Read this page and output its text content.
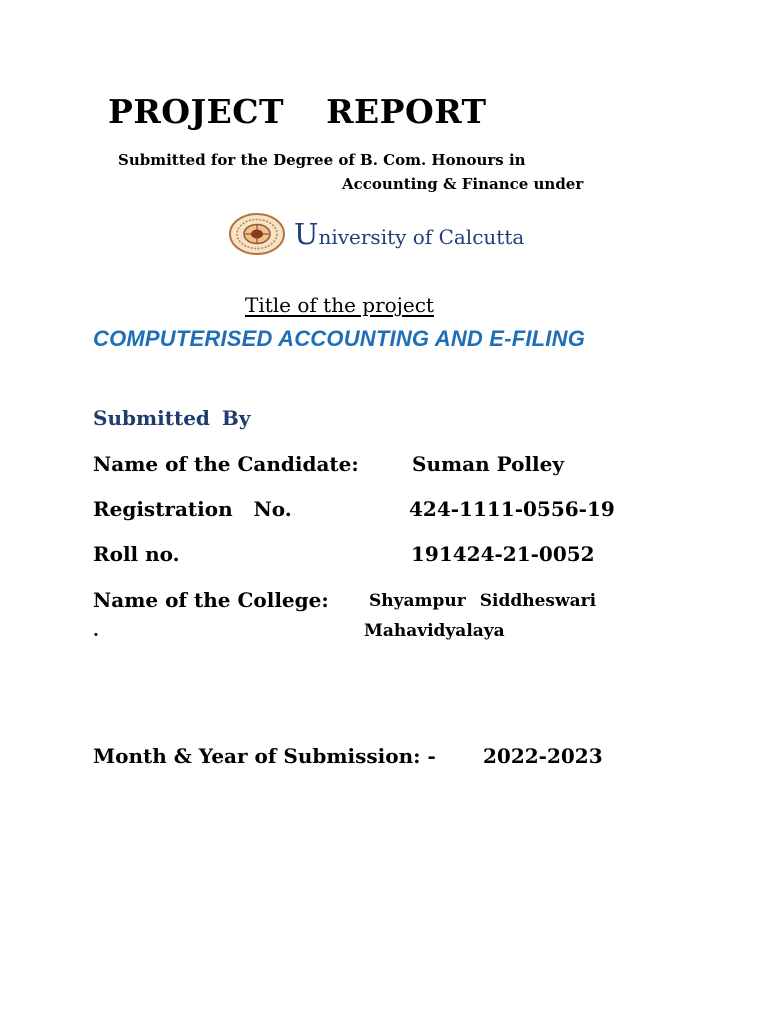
PROJECT REPORT
Submitted for the Degree of B. Com. Honours in
Accounting & Finance under
University of Calcutta
Title of the project
COMPUTERISED ACCOUNTING AND E-FILING
Submitted By
Name of the Candidate:	Suman Polley
Registration   No.	424-1111-0556-19
Roll no.	191424-21-0052
Name of the College: Shyampur Siddheswari
.	Mahavidyalaya
Month & Year of Submission: - 2022-2023
